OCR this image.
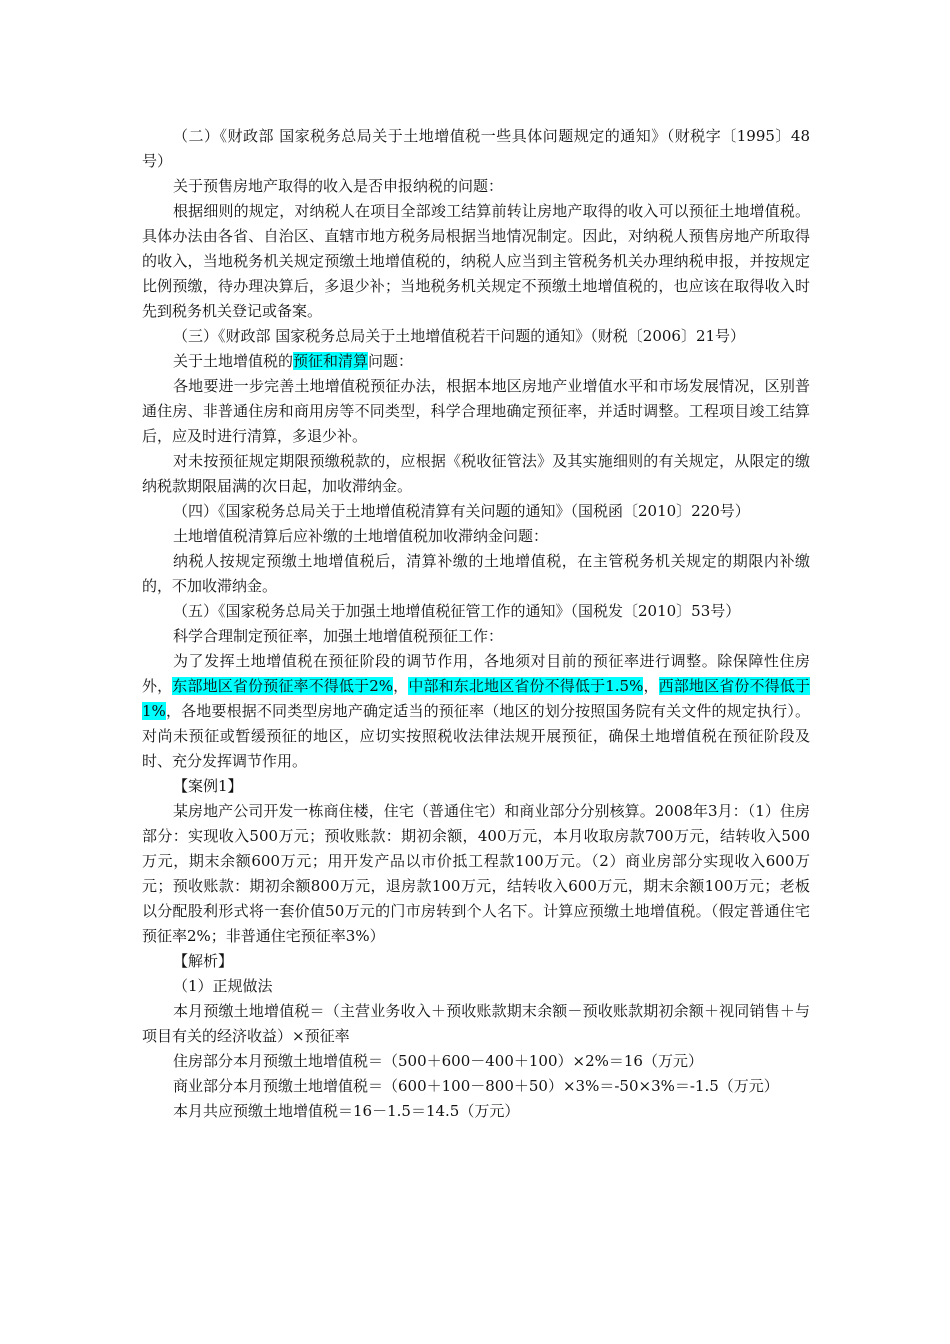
（二）《财政部 国家税务总局关于土地增值税一些具体问题规定的通知》（财税字〔1995〕48号）

关于预售房地产取得的收入是否申报纳税的问题：

根据细则的规定，对纳税人在项目全部竣工结算前转让房地产取得的收入可以预征土地增值税。具体办法由各省、自治区、直辖市地方税务局根据当地情况制定。因此，对纳税人预售房地产所取得的收入，当地税务机关规定预缴土地增值税的，纳税人应当到主管税务机关办理纳税申报，并按规定比例预缴，待办理决算后，多退少补；当地税务机关规定不预缴土地增值税的，也应该在取得收入时先到税务机关登记或备案。

（三）《财政部 国家税务总局关于土地增值税若干问题的通知》（财税〔2006〕21号）

关于土地增值税的预征和清算问题：

各地要进一步完善土地增值税预征办法，根据本地区房地产业增值水平和市场发展情况，区别普通住房、非普通住房和商用房等不同类型，科学合理地确定预征率，并适时调整。工程项目竣工结算后，应及时进行清算，多退少补。

对未按预征规定期限预缴税款的，应根据《税收征管法》及其实施细则的有关规定，从限定的缴纳税款期限届满的次日起，加收滞纳金。

（四）《国家税务总局关于土地增值税清算有关问题的通知》（国税函〔2010〕220号）

土地增值税清算后应补缴的土地增值税加收滞纳金问题：

纳税人按规定预缴土地增值税后，清算补缴的土地增值税，在主管税务机关规定的期限内补缴的，不加收滞纳金。

（五）《国家税务总局关于加强土地增值税征管工作的通知》（国税发〔2010〕53号）

科学合理制定预征率，加强土地增值税预征工作：

为了发挥土地增值税在预征阶段的调节作用，各地须对目前的预征率进行调整。除保障性住房外，东部地区省份预征率不得低于2%，中部和东北地区省份不得低于1.5%，西部地区省份不得低于1%，各地要根据不同类型房地产确定适当的预征率（地区的划分按照国务院有关文件的规定执行）。对尚未预征或暂缓预征的地区，应切实按照税收法律法规开展预征，确保土地增值税在预征阶段及时、充分发挥调节作用。

【案例1】

某房地产公司开发一栋商住楼，住宅（普通住宅）和商业部分分别核算。2008年3月：（1）住房部分：实现收入500万元；预收账款：期初余额，400万元，本月收取房款700万元，结转收入500万元，期末余额600万元；用开发产品以市价抵工程款100万元。（2）商业房部分实现收入600万元；预收账款：期初余额800万元，退房款100万元，结转收入600万元，期末余额100万元；老板以分配股利形式将一套价值50万元的门市房转到个人名下。计算应预缴土地增值税。（假定普通住宅预征率2%；非普通住宅预征率3%）

【解析】

（1）正规做法

本月预缴土地增值税＝（主营业务收入＋预收账款期末余额－预收账款期初余额＋视同销售＋与项目有关的经济收益）×预征率

住房部分本月预缴土地增值税＝（500＋600－400＋100）×2%＝16（万元）

商业部分本月预缴土地增值税＝（600＋100－800＋50）×3%＝-50×3%＝-1.5（万元）

本月共应预缴土地增值税＝16－1.5＝14.5（万元）
